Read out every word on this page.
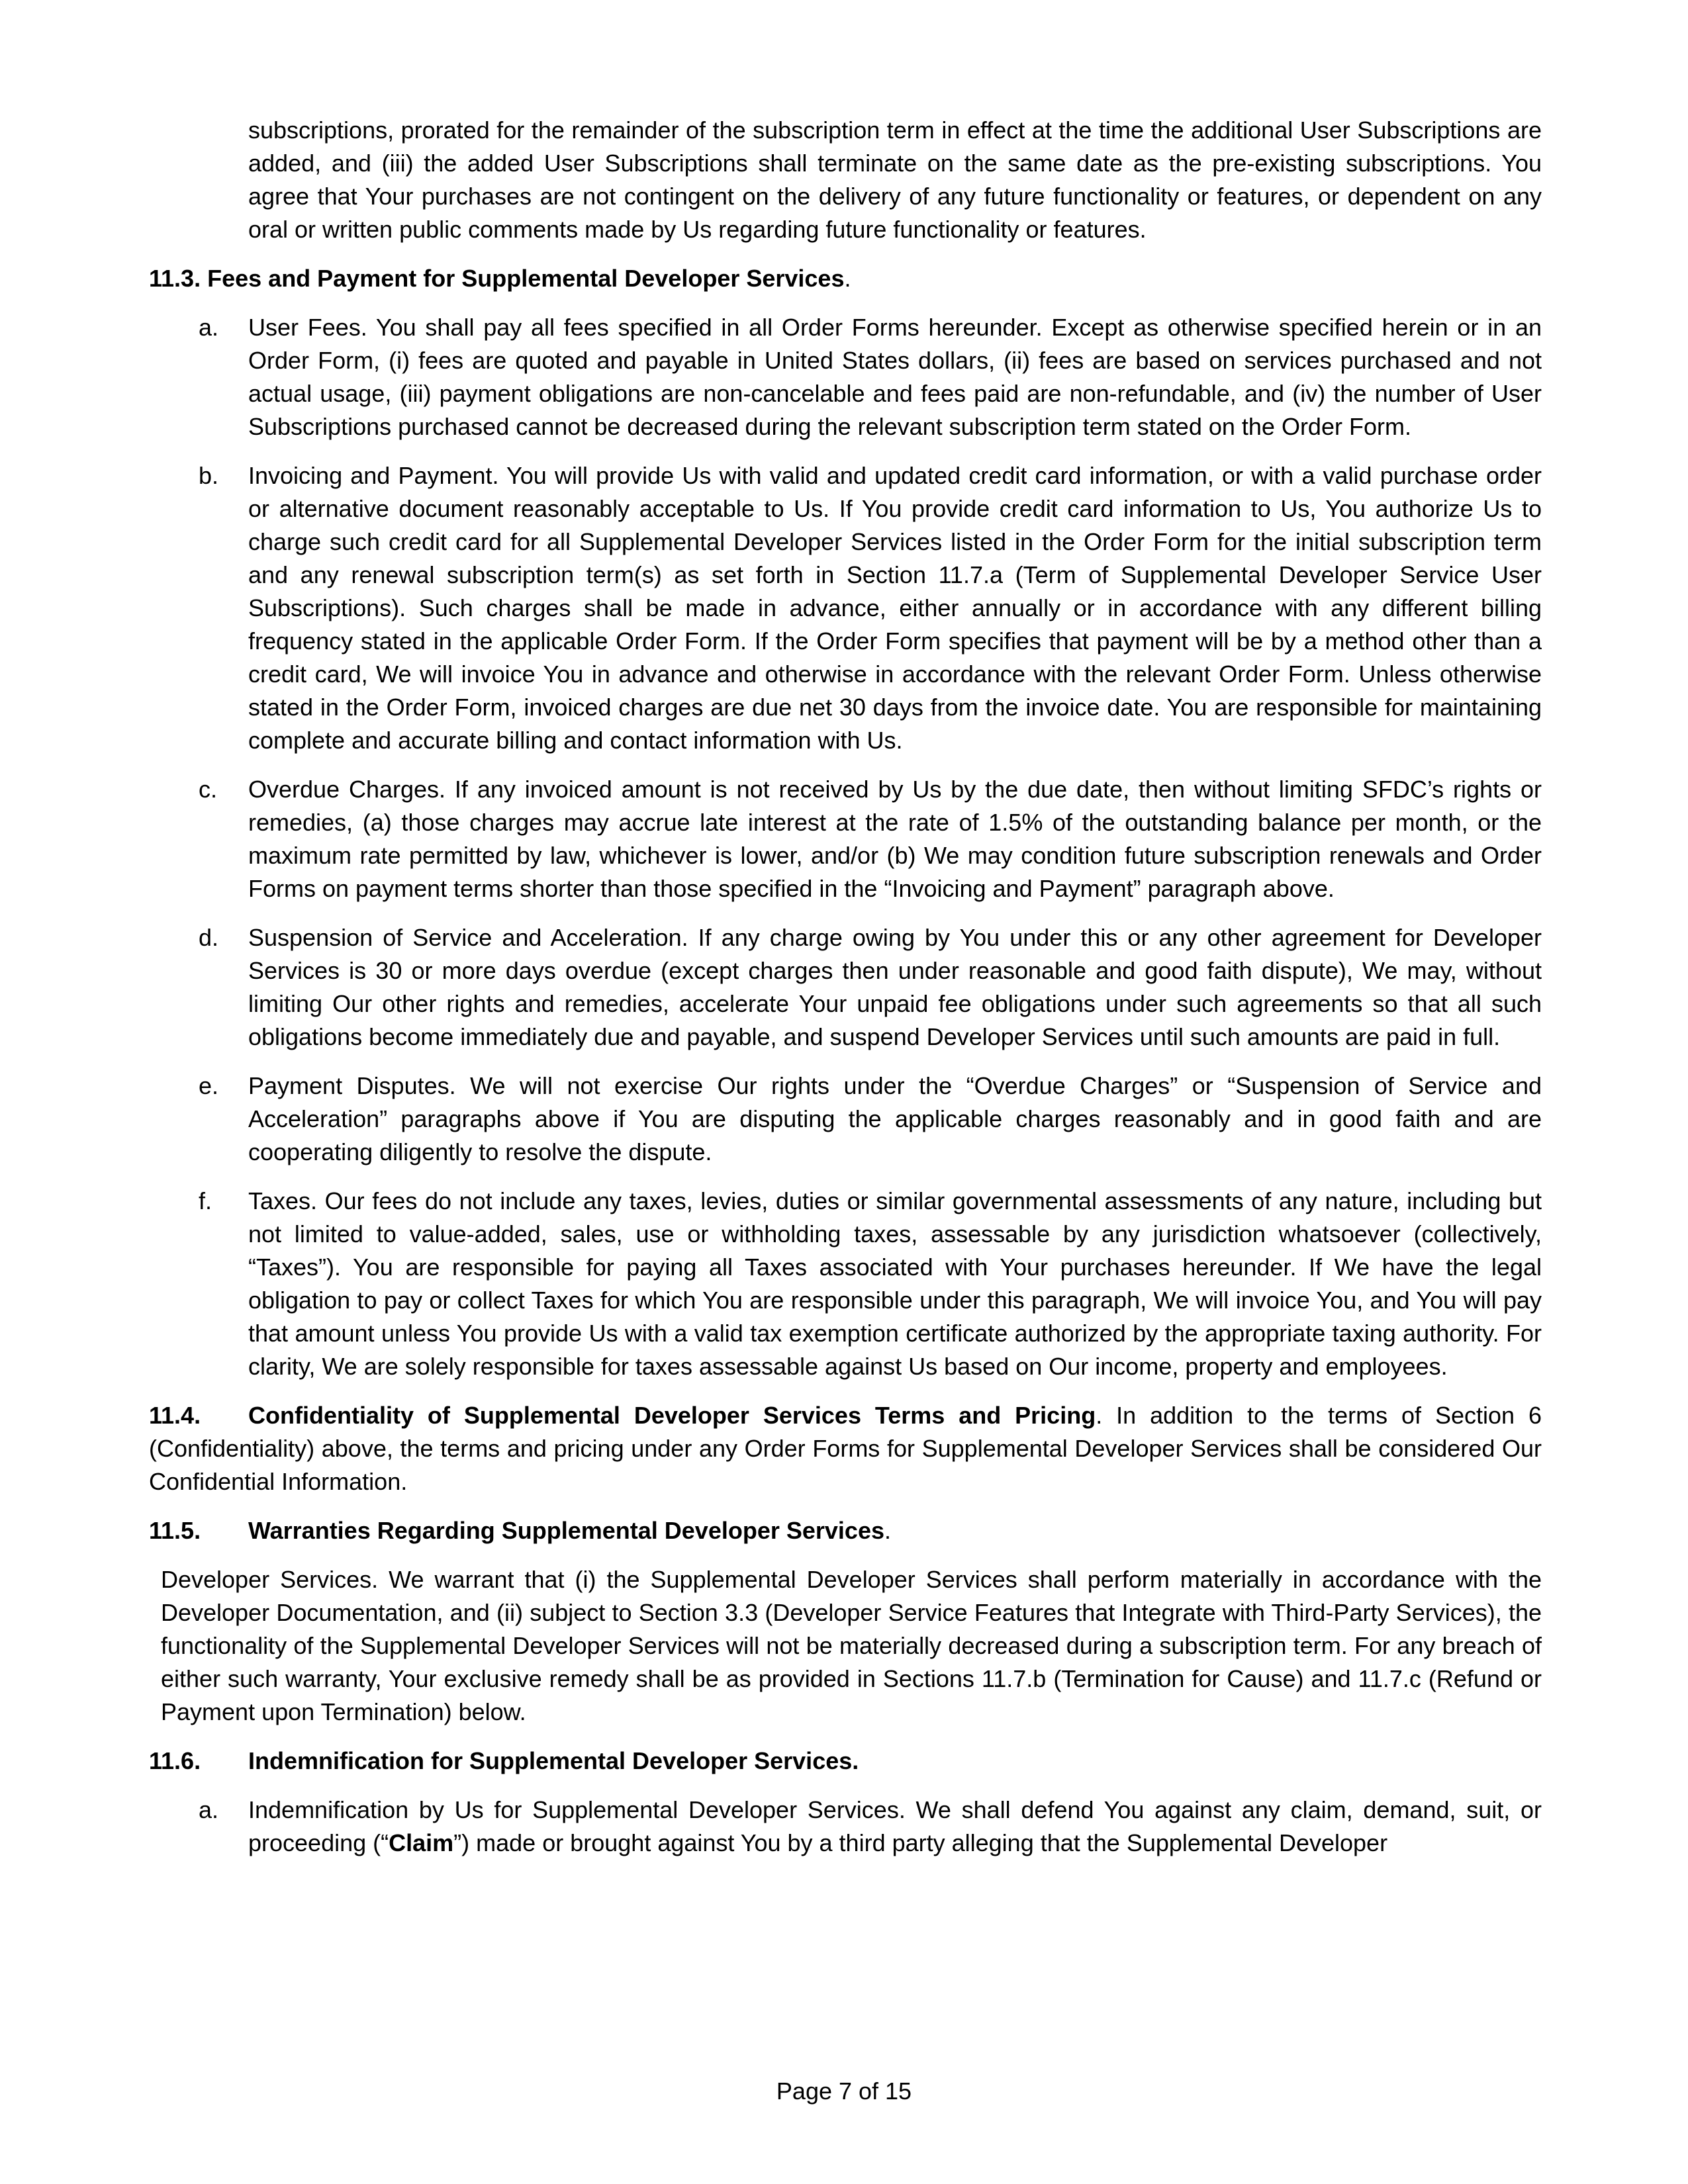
subscriptions, prorated for the remainder of the subscription term in effect at the time the additional User Subscriptions are added, and (iii) the added User Subscriptions shall terminate on the same date as the pre-existing subscriptions. You agree that Your purchases are not contingent on the delivery of any future functionality or features, or dependent on any oral or written public comments made by Us regarding future functionality or features.

11.3. Fees and Payment for Supplemental Developer Services.
a. User Fees. You shall pay all fees specified in all Order Forms hereunder. Except as otherwise specified herein or in an Order Form, (i) fees are quoted and payable in United States dollars, (ii) fees are based on services purchased and not actual usage, (iii) payment obligations are non-cancelable and fees paid are non-refundable, and (iv) the number of User Subscriptions purchased cannot be decreased during the relevant subscription term stated on the Order Form.
b. Invoicing and Payment. You will provide Us with valid and updated credit card information, or with a valid purchase order or alternative document reasonably acceptable to Us. If You provide credit card information to Us, You authorize Us to charge such credit card for all Supplemental Developer Services listed in the Order Form for the initial subscription term and any renewal subscription term(s) as set forth in Section 11.7.a (Term of Supplemental Developer Service User Subscriptions). Such charges shall be made in advance, either annually or in accordance with any different billing frequency stated in the applicable Order Form. If the Order Form specifies that payment will be by a method other than a credit card, We will invoice You in advance and otherwise in accordance with the relevant Order Form. Unless otherwise stated in the Order Form, invoiced charges are due net 30 days from the invoice date. You are responsible for maintaining complete and accurate billing and contact information with Us.
c. Overdue Charges. If any invoiced amount is not received by Us by the due date, then without limiting SFDC’s rights or remedies, (a) those charges may accrue late interest at the rate of 1.5% of the outstanding balance per month, or the maximum rate permitted by law, whichever is lower, and/or (b) We may condition future subscription renewals and Order Forms on payment terms shorter than those specified in the “Invoicing and Payment” paragraph above.
d. Suspension of Service and Acceleration. If any charge owing by You under this or any other agreement for Developer Services is 30 or more days overdue (except charges then under reasonable and good faith dispute), We may, without limiting Our other rights and remedies, accelerate Your unpaid fee obligations under such agreements so that all such obligations become immediately due and payable, and suspend Developer Services until such amounts are paid in full.
e. Payment Disputes. We will not exercise Our rights under the “Overdue Charges” or “Suspension of Service and Acceleration” paragraphs above if You are disputing the applicable charges reasonably and in good faith and are cooperating diligently to resolve the dispute.
f. Taxes. Our fees do not include any taxes, levies, duties or similar governmental assessments of any nature, including but not limited to value-added, sales, use or withholding taxes, assessable by any jurisdiction whatsoever (collectively, “Taxes”). You are responsible for paying all Taxes associated with Your purchases hereunder. If We have the legal obligation to pay or collect Taxes for which You are responsible under this paragraph, We will invoice You, and You will pay that amount unless You provide Us with a valid tax exemption certificate authorized by the appropriate taxing authority. For clarity, We are solely responsible for taxes assessable against Us based on Our income, property and employees.

11.4. Confidentiality of Supplemental Developer Services Terms and Pricing. In addition to the terms of Section 6 (Confidentiality) above, the terms and pricing under any Order Forms for Supplemental Developer Services shall be considered Our Confidential Information.

11.5. Warranties Regarding Supplemental Developer Services.

Developer Services. We warrant that (i) the Supplemental Developer Services shall perform materially in accordance with the Developer Documentation, and (ii) subject to Section 3.3 (Developer Service Features that Integrate with Third-Party Services), the functionality of the Supplemental Developer Services will not be materially decreased during a subscription term. For any breach of either such warranty, Your exclusive remedy shall be as provided in Sections 11.7.b (Termination for Cause) and 11.7.c (Refund or Payment upon Termination) below.

11.6. Indemnification for Supplemental Developer Services.
a. Indemnification by Us for Supplemental Developer Services. We shall defend You against any claim, demand, suit, or proceeding (“Claim”) made or brought against You by a third party alleging that the Supplemental Developer
Page 7 of 15
